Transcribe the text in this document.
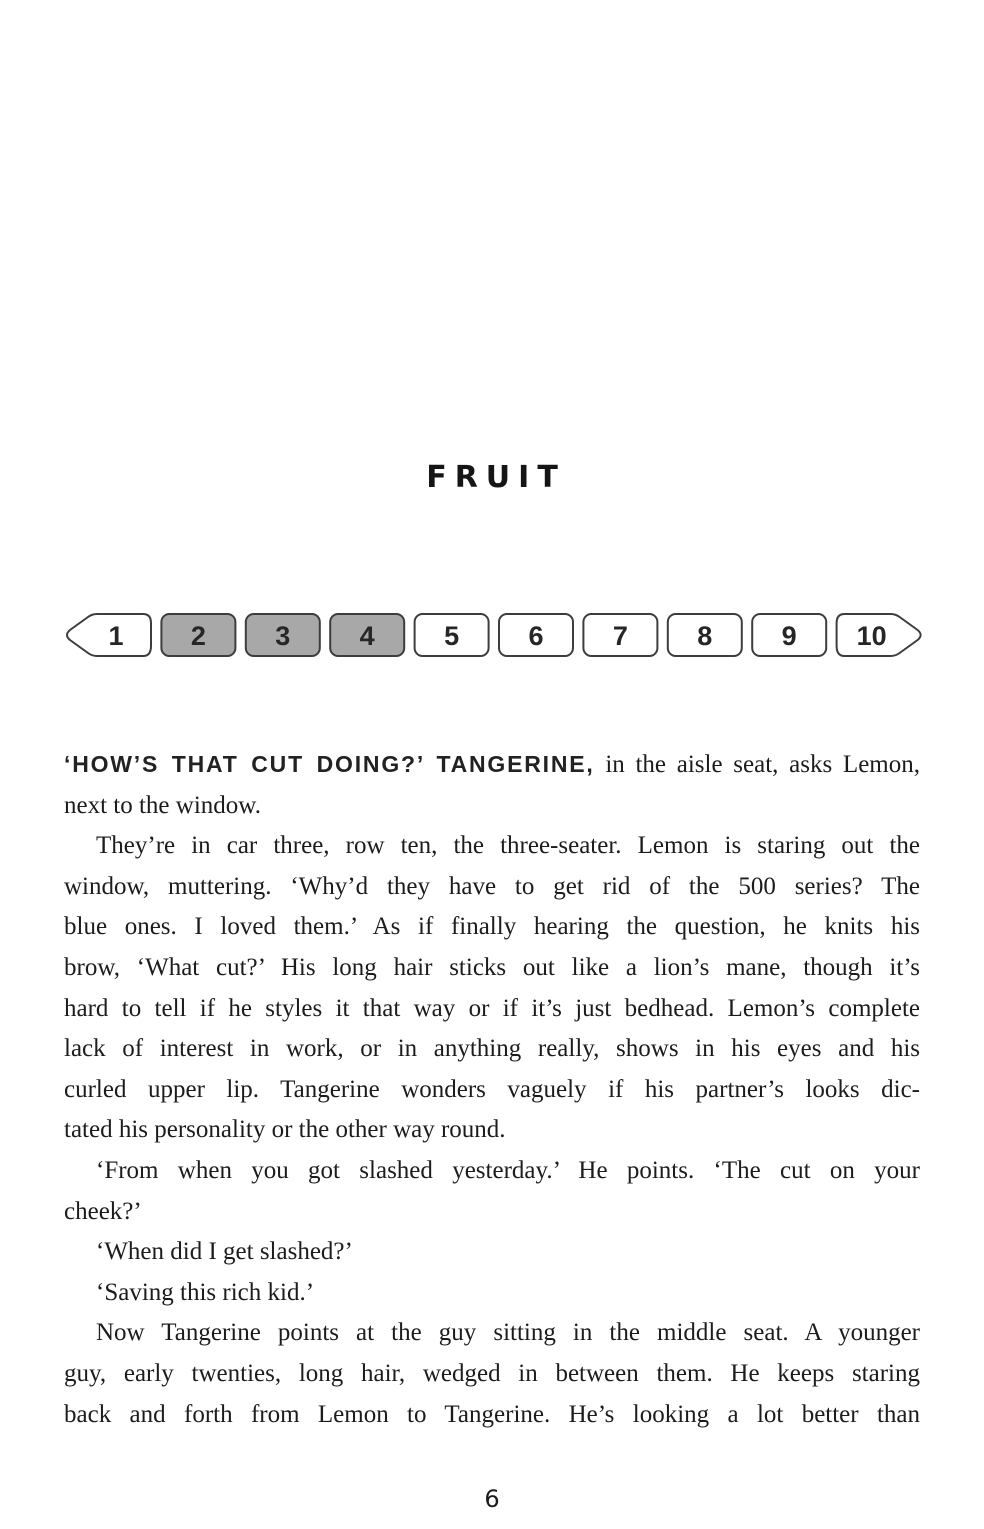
FRUIT
1 2	3	4	5	6	7	8	9 10
‘HOW’S THAT CUT DOING?’ TANGERINE, in the aisle seat, asks Lemon,
next to the window.
They’re in car three, row ten, the three-seater. Lemon is staring out the
window, muttering. ‘Why’d they have to get rid of the 500 series? The
blue ones. I loved them.’ As if finally hearing the question, he knits his
brow, ‘What cut?’ His long hair sticks out like a lion’s mane, though it’s
hard to tell if he styles it that way or if it’s just bedhead. Lemon’s complete
lack of interest in work, or in anything really, shows in his eyes and his
curled upper lip. Tangerine wonders vaguely if his partner’s looks dic-
tated his personality or the other way round.
‘From when you got slashed yesterday.’ He points. ‘The cut on your
cheek?’
‘When did I get slashed?’
‘Saving this rich kid.’
Now Tangerine points at the guy sitting in the middle seat. A younger
guy, early twenties, long hair, wedged in between them. He keeps staring
back and forth from Lemon to Tangerine. He’s looking a lot better than
6
